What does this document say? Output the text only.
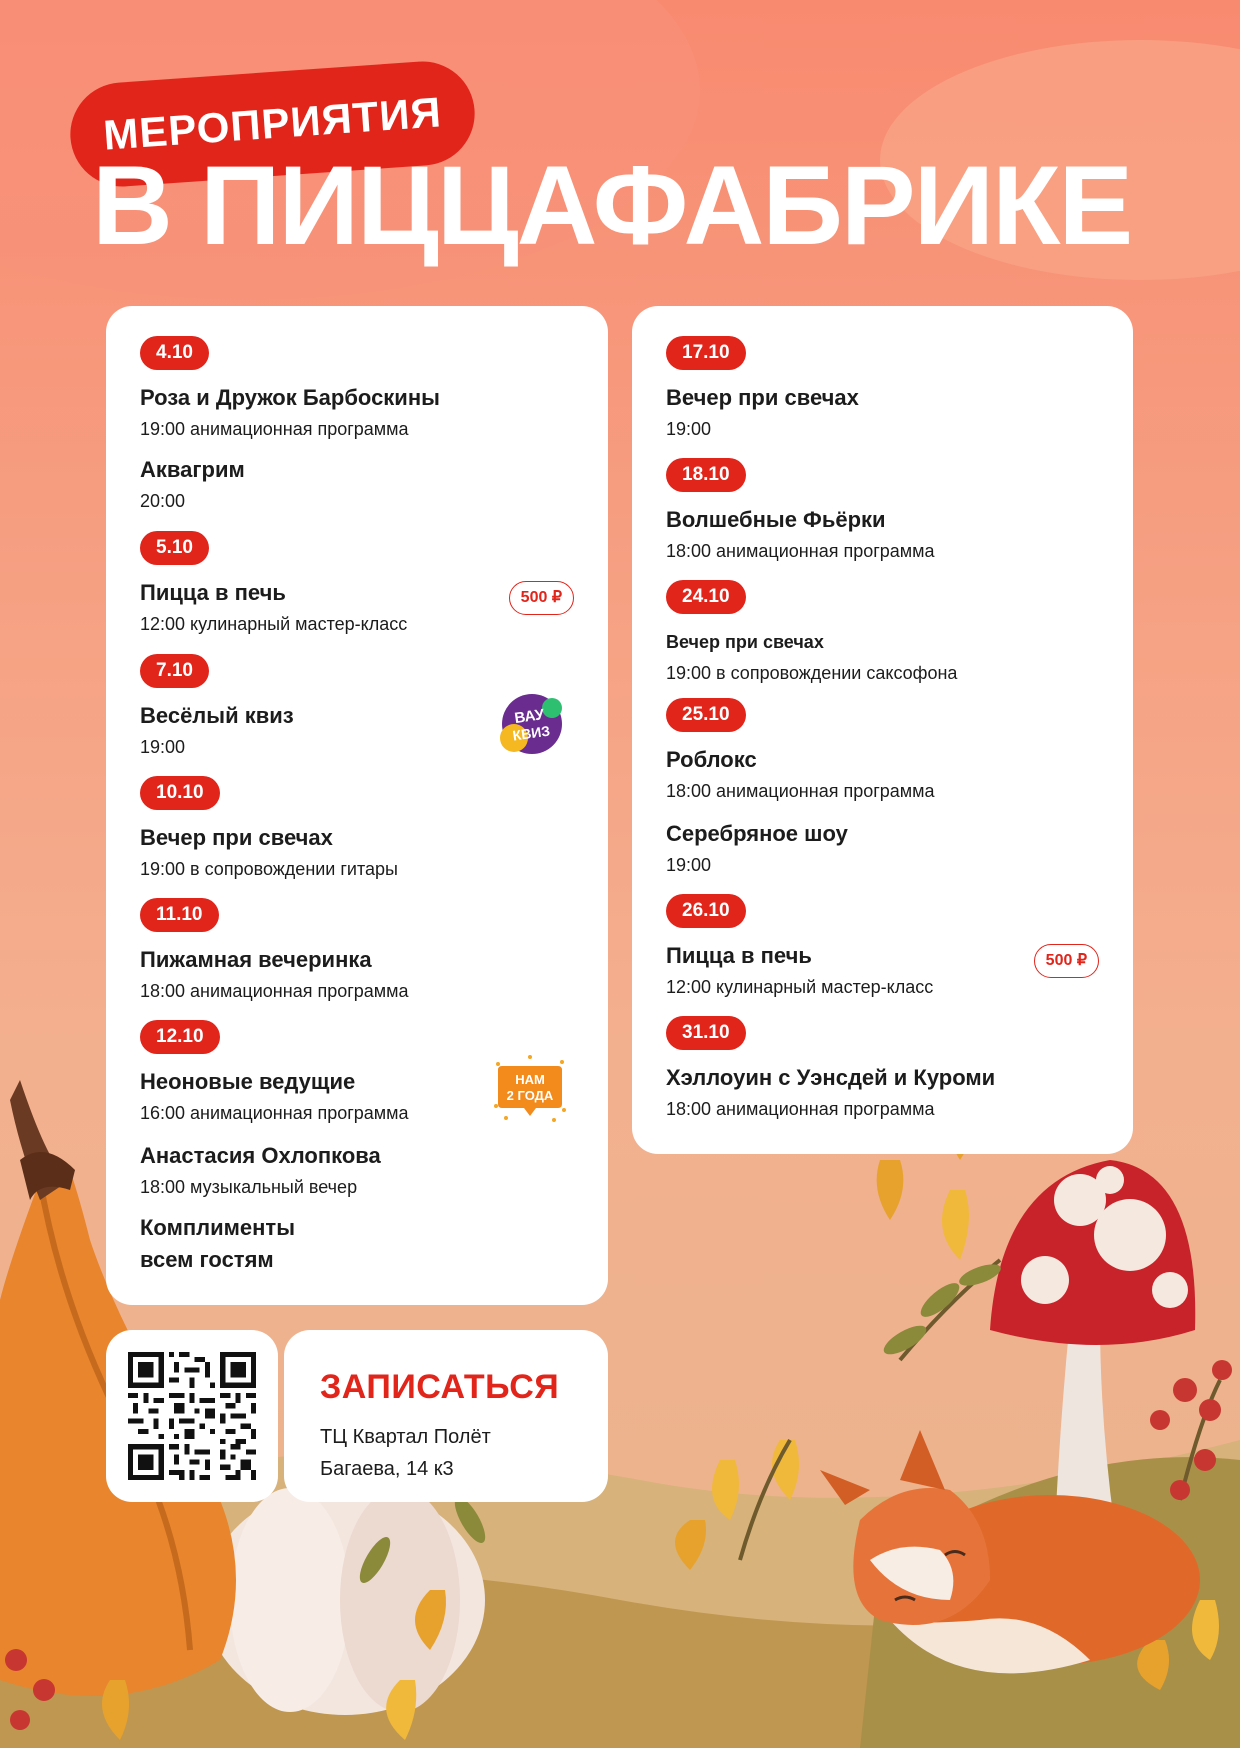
МЕРОПРИЯТИЯ
В ПИЦЦАФАБРИКЕ
4.10
Роза и Дружок Барбоскины
19:00 анимационная программа
Аквагрим
20:00
5.10
Пицца в печь
12:00 кулинарный мастер-класс
500 ₽
7.10
Весёлый квиз
19:00
ВАУ
КВИЗ
10.10
Вечер при свечах
19:00 в сопровождении гитары
11.10
Пижамная вечеринка
18:00 анимационная программа
12.10
Неоновые ведущие
16:00 анимационная программа
НАМ
2 ГОДА
Анастасия Охлопкова
18:00 музыкальный вечер
Комплименты
всем гостям
17.10
Вечер при свечах
19:00
18.10
Волшебные Фьёрки
18:00 анимационная программа
24.10
Вечер при свечах
19:00 в сопровождении саксофона
25.10
Роблокс
18:00 анимационная программа
Серебряное шоу
19:00
26.10
Пицца в печь
12:00 кулинарный мастер-класс
500 ₽
31.10
Хэллоуин с Уэнсдей и Куроми
18:00 анимационная программа
ЗАПИСАТЬСЯ
ТЦ Квартал Полёт
Багаева, 14 к3
